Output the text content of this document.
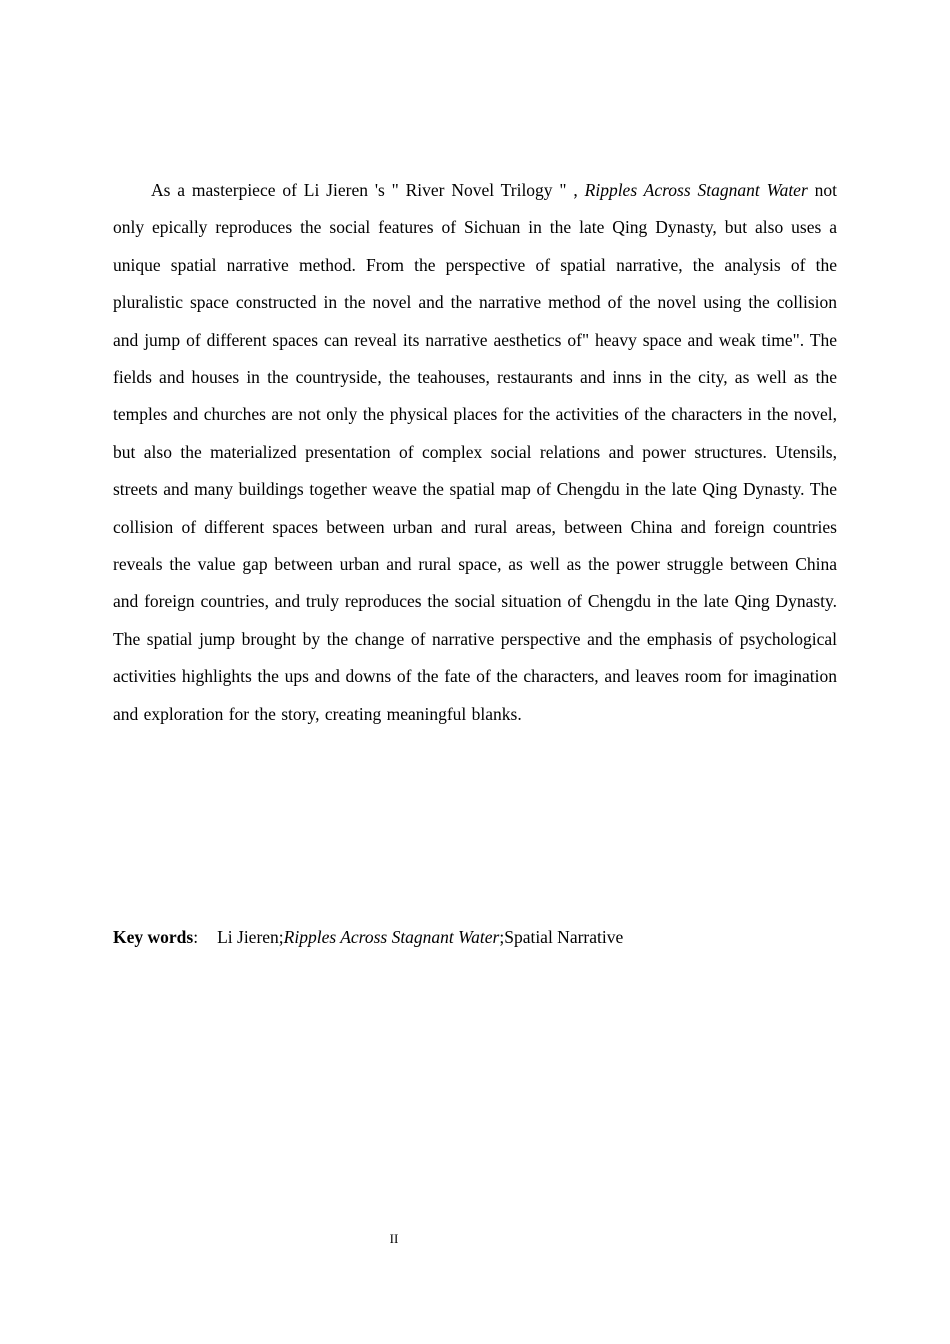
As a masterpiece of Li Jieren 's " River Novel Trilogy " , Ripples Across Stagnant Water not only epically reproduces the social features of Sichuan in the late Qing Dynasty, but also uses a unique spatial narrative method. From the perspective of spatial narrative, the analysis of the pluralistic space constructed in the novel and the narrative method of the novel using the collision and jump of different spaces can reveal its narrative aesthetics of" heavy space and weak time". The fields and houses in the countryside, the teahouses, restaurants and inns in the city, as well as the temples and churches are not only the physical places for the activities of the characters in the novel, but also the materialized presentation of complex social relations and power structures. Utensils, streets and many buildings together weave the spatial map of Chengdu in the late Qing Dynasty. The collision of different spaces between urban and rural areas, between China and foreign countries reveals the value gap between urban and rural space, as well as the power struggle between China and foreign countries, and truly reproduces the social situation of Chengdu in the late Qing Dynasty. The spatial jump brought by the change of narrative perspective and the emphasis of psychological activities highlights the ups and downs of the fate of the characters, and leaves room for imagination and exploration for the story, creating meaningful blanks.

Key words: Li Jieren;Ripples Across Stagnant Water;Spatial Narrative

II
